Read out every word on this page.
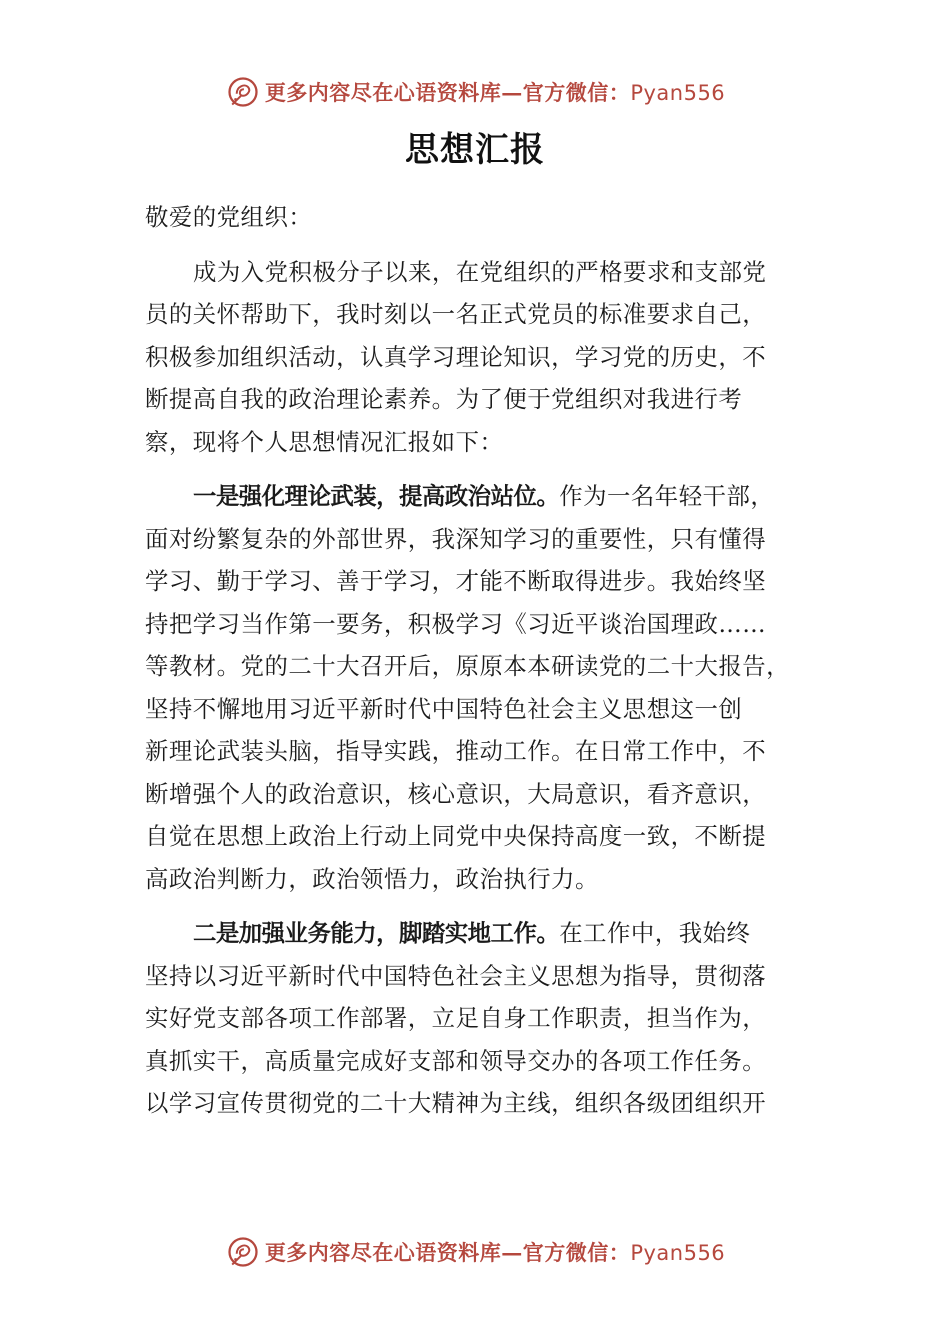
更多内容尽在心语资料库—官方微信：Pyan556
思想汇报
敬爱的党组织：
成为入党积极分子以来，在党组织的严格要求和支部党
员的关怀帮助下，我时刻以一名正式党员的标准要求自己，
积极参加组织活动，认真学习理论知识，学习党的历史，不
断提高自我的政治理论素养。为了便于党组织对我进行考
察，现将个人思想情况汇报如下：
一是强化理论武装，提高政治站位。作为一名年轻干部，
面对纷繁复杂的外部世界，我深知学习的重要性，只有懂得
学习、勤于学习、善于学习，才能不断取得进步。我始终坚
持把学习当作第一要务，积极学习《习近平谈治国理政……
等教材。党的二十大召开后，原原本本研读党的二十大报告，
坚持不懈地用习近平新时代中国特色社会主义思想这一创
新理论武装头脑，指导实践，推动工作。在日常工作中，不
断增强个人的政治意识，核心意识，大局意识，看齐意识，
自觉在思想上政治上行动上同党中央保持高度一致，不断提
高政治判断力，政治领悟力，政治执行力。
二是加强业务能力，脚踏实地工作。在工作中，我始终
坚持以习近平新时代中国特色社会主义思想为指导，贯彻落
实好党支部各项工作部署，立足自身工作职责，担当作为，
真抓实干，高质量完成好支部和领导交办的各项工作任务。
以学习宣传贯彻党的二十大精神为主线，组织各级团组织开
更多内容尽在心语资料库—官方微信：Pyan556
